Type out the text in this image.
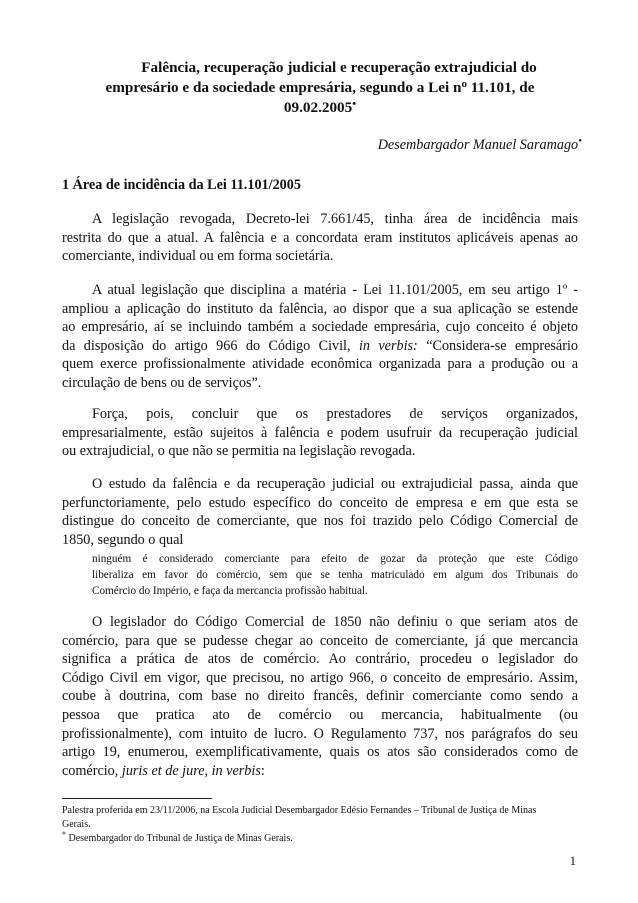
Falência, recuperação judicial e recuperação extrajudicial do
empresário e da sociedade empresária, segundo a Lei $n^o$ 11.101, de
09.02.2005•
Desembargador Manuel Saramago•
1 Área de incidência da Lei 11.101/2005
A legislação revogada, Decreto-lei 7.661/45, tinha área de incidência mais
restrita do que a atual. A falência e a concordata eram institutos aplicáveis apenas ao
comerciante, individual ou em forma societária.
A atual legislação que disciplina a matéria - Lei 11.101/2005, em seu artigo 1º -
ampliou a aplicação do instituto da falência, ao dispor que a sua aplicação se estende
ao empresário, aí se incluindo também a sociedade empresária, cujo conceito é objeto
da disposição do artigo 966 do Código Civil, in verbis: “Considera-se empresário
quem exerce profissionalmente atividade econômica organizada para a produção ou a
circulação de bens ou de serviços”.
Força, pois, concluir que os prestadores de serviços organizados,
empresarialmente, estão sujeitos à falência e podem usufruir da recuperação judicial
ou extrajudicial, o que não se permitia na legislação revogada.
O estudo da falência e da recuperação judicial ou extrajudicial passa, ainda que
perfunctoriamente, pelo estudo específico do conceito de empresa e em que esta se
distingue do conceito de comerciante, que nos foi trazido pelo Código Comercial de
1850, segundo o qual
ninguém é considerado comerciante para efeito de gozar da proteção que este Código
liberaliza em favor do comércio, sem que se tenha matriculado em algum dos Tribunais do
Comércio do Império, e faça da mercancia profissão habitual.
O legislador do Código Comercial de 1850 não definiu o que seriam atos de
comércio, para que se pudesse chegar ao conceito de comerciante, já que mercancia
significa a prática de atos de comércio. Ao contrário, procedeu o legislador do
Código Civil em vigor, que precisou, no artigo 966, o conceito de empresário. Assim,
coube à doutrina, com base no direito francês, definir comerciante como sendo a
pessoa que pratica ato de comércio ou mercancia, habitualmente (ou
profissionalmente), com intuito de lucro. O Regulamento 737, nos parágrafos do seu
artigo 19, enumerou, exemplificativamente, quais os atos são considerados como de
comércio, juris et de jure, in verbis:
Palestra proferida em 23/11/2006, na Escola Judicial Desembargador Edésio Fernandes – Tribunal de Justiça de Minas
Gerais.
* Desembargador do Tribunal de Justiça de Minas Gerais.
1
